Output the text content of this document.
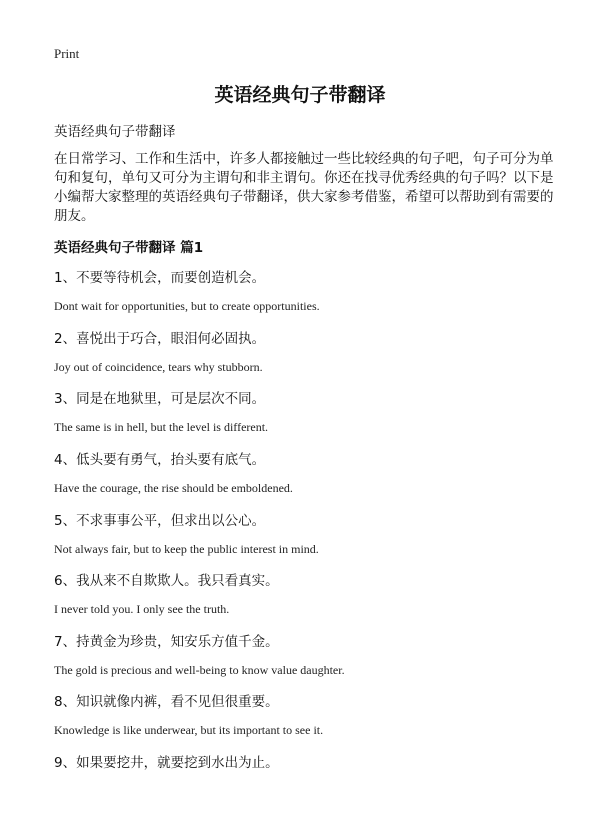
Print
英语经典句子带翻译

英语经典句子带翻译

在日常学习、工作和生活中，许多人都接触过一些比较经典的句子吧，句子可分为单句和复句，单句又可分为主谓句和非主谓句。你还在找寻优秀经典的句子吗？以下是小编帮大家整理的英语经典句子带翻译，供大家参考借鉴，希望可以帮助到有需要的朋友。

英语经典句子带翻译 篇1

1、不要等待机会，而要创造机会。

Dont wait for opportunities, but to create opportunities.

2、喜悦出于巧合，眼泪何必固执。

Joy out of coincidence, tears why stubborn.

3、同是在地狱里，可是层次不同。

The same is in hell, but the level is different.

4、低头要有勇气，抬头要有底气。

Have the courage, the rise should be emboldened.

5、不求事事公平，但求出以公心。

Not always fair, but to keep the public interest in mind.

6、我从来不自欺欺人。我只看真实。

I never told you. I only see the truth.

7、持黄金为珍贵，知安乐方值千金。

The gold is precious and well-being to know value daughter.

8、知识就像内裤，看不见但很重要。

Knowledge is like underwear, but its important to see it.

9、如果要挖井，就要挖到水出为止。
